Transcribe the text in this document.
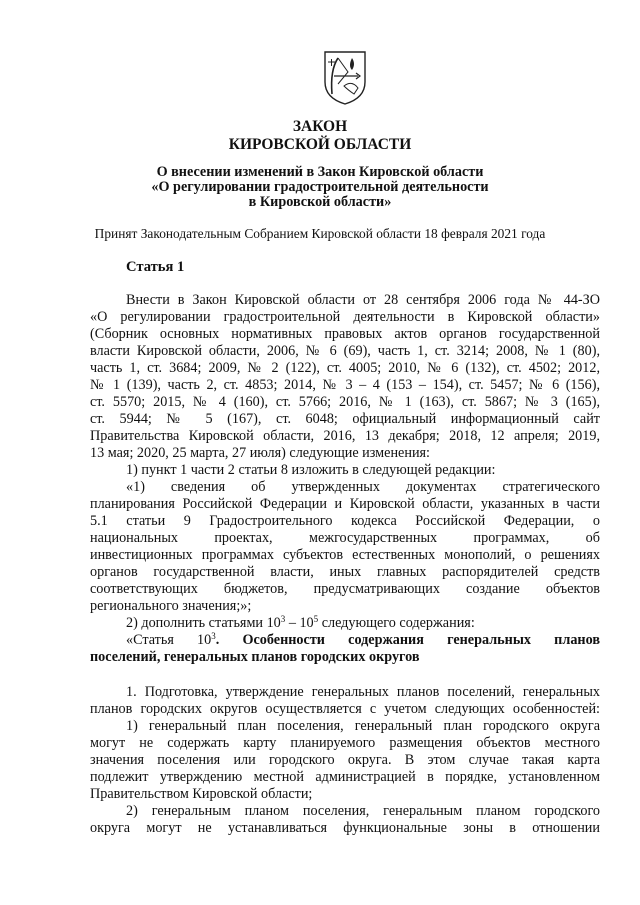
ЗАКОН
КИРОВСКОЙ ОБЛАСТИ
О внесении изменений в Закон Кировской области
«О регулировании градостроительной деятельности
в Кировской области»
Принят Законодательным Собранием Кировской области 18 февраля 2021 года
Статья 1
Внести в Закон Кировской области от 28 сентября 2006 года № 44-ЗО
«О регулировании градостроительной деятельности в Кировской области»
(Сборник основных нормативных правовых актов органов государственной
власти Кировской области, 2006, № 6 (69), часть 1, ст. 3214; 2008, № 1 (80),
часть 1, ст. 3684; 2009, № 2 (122), ст. 4005; 2010, № 6 (132), ст. 4502; 2012,
№ 1 (139), часть 2, ст. 4853; 2014, № 3 – 4 (153 – 154), ст. 5457; № 6 (156),
ст. 5570; 2015, № 4 (160), ст. 5766; 2016, № 1 (163), ст. 5867; № 3 (165),
ст. 5944; № 5 (167), ст. 6048; официальный информационный сайт
Правительства Кировской области, 2016, 13 декабря; 2018, 12 апреля; 2019,
13 мая; 2020, 25 марта, 27 июля) следующие изменения:
1) пункт 1 части 2 статьи 8 изложить в следующей редакции:
«1) сведения об утвержденных документах стратегического
планирования Российской Федерации и Кировской области, указанных в части
5.1 статьи 9 Градостроительного кодекса Российской Федерации, о
национальных проектах, межгосударственных программах, об
инвестиционных программах субъектов естественных монополий, о решениях
органов государственной власти, иных главных распорядителей средств
соответствующих бюджетов, предусматривающих создание объектов
регионального значения;»;
2) дополнить статьями $10^3 - 10^5$ следующего содержания:
«Статья $10^3$. Особенности содержания генеральных планов
поселений, генеральных планов городских округов
1. Подготовка, утверждение генеральных планов поселений, генеральных
планов городских округов осуществляется с учетом следующих особенностей:
1) генеральный план поселения, генеральный план городского округа
могут не содержать карту планируемого размещения объектов местного
значения поселения или городского округа. В этом случае такая карта
подлежит утверждению местной администрацией в порядке, установленном
Правительством Кировской области;
2) генеральным планом поселения, генеральным планом городского
округа могут не устанавливаться функциональные зоны в отношении
